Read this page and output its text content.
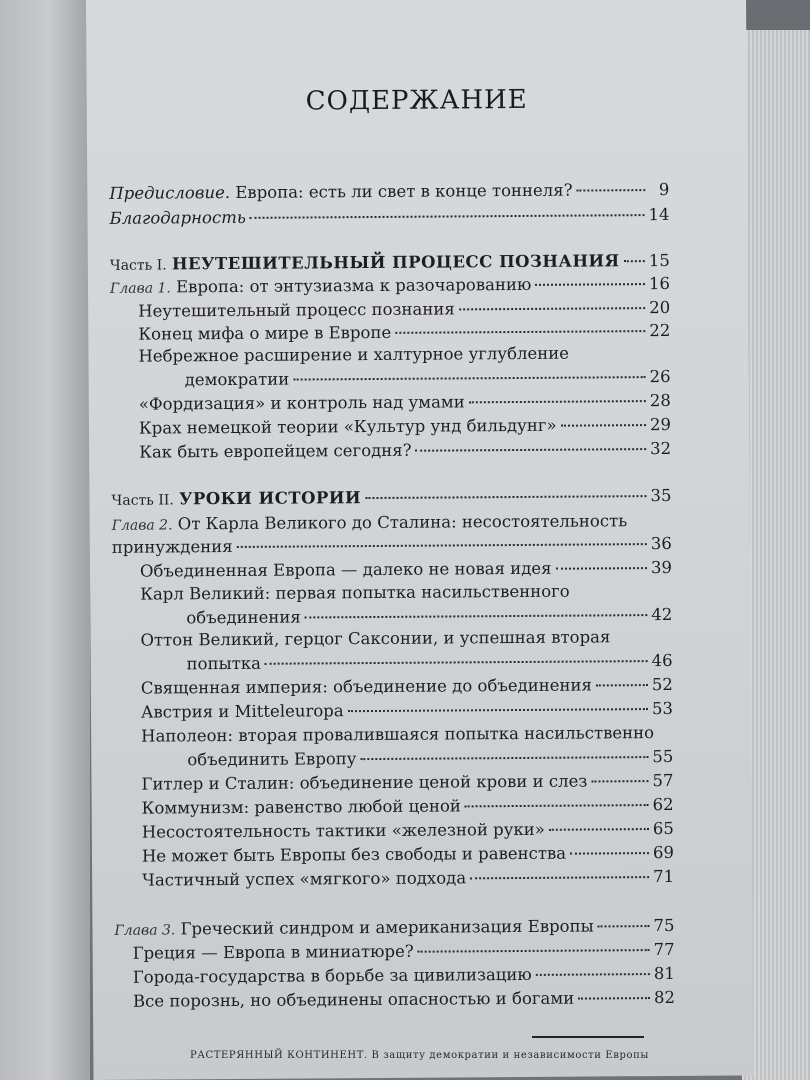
СОДЕРЖАНИЕ
Предисловие. Европа: есть ли свет в конце тоннеля?	9
Благодарность	14
Часть I. НЕУТЕШИТЕЛЬНЫЙ ПРОЦЕСС ПОЗНАНИЯ 15
Глава 1. Европа: от энтузиазма к разочарованию	16
Неутешительный процесс познания	20
Конец мифа о мире в Европе	22
Небрежное расширение и халтурное углубление
демократии	26
«Фордизация» и контроль над умами	28
Крах немецкой теории «Культур унд бильдунг»	29
Как быть европейцем сегодня?	32
Часть II. УРОКИ ИСТОРИИ	35
Глава 2. От Карла Великого до Сталина: несостоятельность
принуждения	36
Объединенная Европа — далеко не новая идея	39
Карл Великий: первая попытка насильственного
объединения	42
Оттон Великий, герцог Саксонии, и успешная вторая
попытка	46
Священная империя: объединение до объединения	52
Австрия и Mitteleurора	53
Наполеон: вторая провалившаяся попытка насильственно
объединить Европу	55
Гитлер и Сталин: объединение ценой крови и слез	57
Коммунизм: равенство любой ценой	62
Несостоятельность тактики «железной руки»	65
Не может быть Европы без свободы и равенства	69
Частичный успех «мягкого» подхода	71
Глава 3. Греческий синдром и американизация Европы	75
Греция — Европа в миниатюре?	77
Города-государства в борьбе за цивилизацию	81
Все порознь, но объединены опасностью и богами	82
РАСТЕРЯННЫЙ КОНТИНЕНТ. В защиту демократии и независимости Европы
